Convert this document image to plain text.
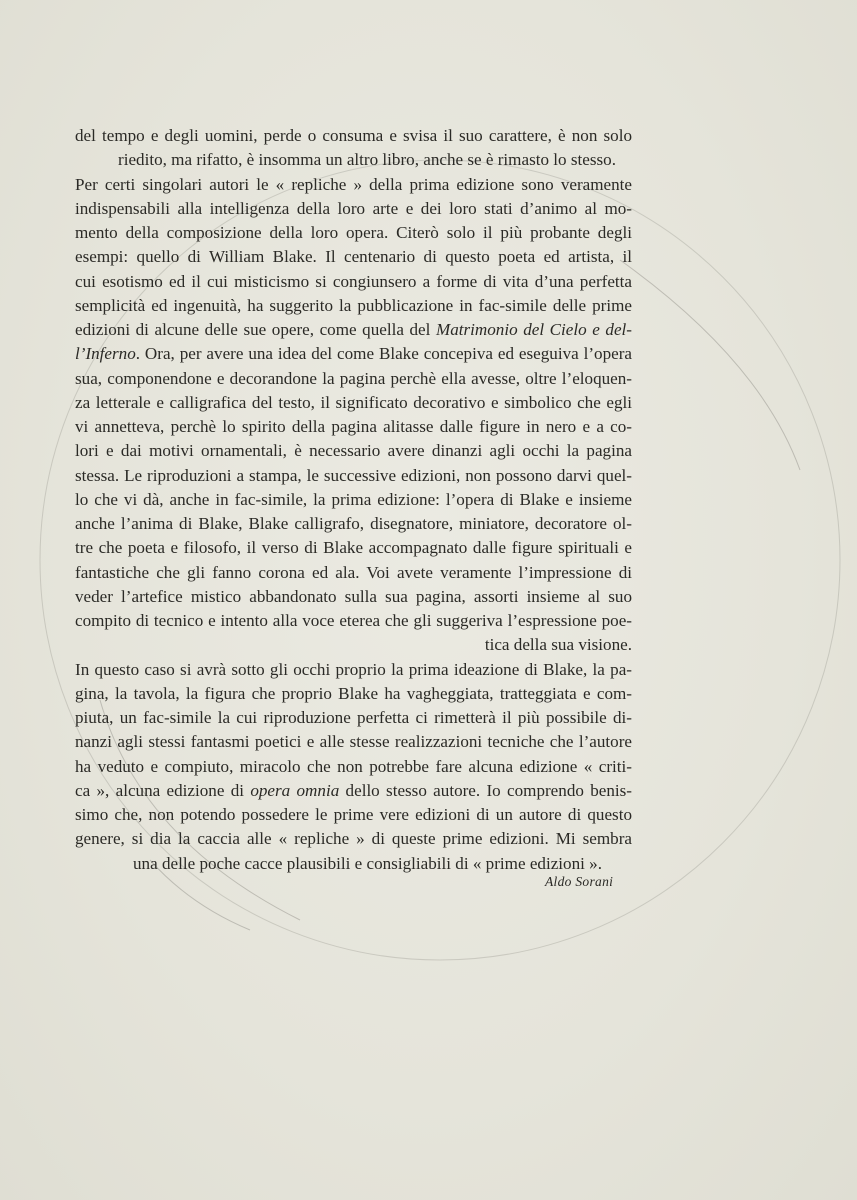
del tempo e degli uomini, perde o consuma e svisa il suo carattere, è non solo
riedito, ma rifatto, è insomma un altro libro, anche se è rimasto lo stesso.
Per certi singolari autori le « repliche » della prima edizione sono veramente
indispensabili alla intelligenza della loro arte e dei loro stati d’animo al mo-
mento della composizione della loro opera. Citerò solo il più probante degli
esempi: quello di William Blake. Il centenario di questo poeta ed artista, il
cui esotismo ed il cui misticismo si congiunsero a forme di vita d’una perfetta
semplicità ed ingenuità, ha suggerito la pubblicazione in fac-simile delle prime
edizioni di alcune delle sue opere, come quella del Matrimonio del Cielo e del-
l’Inferno. Ora, per avere una idea del come Blake concepiva ed eseguiva l’opera
sua, componendone e decorandone la pagina perchè ella avesse, oltre l’eloquen-
za letterale e calligrafica del testo, il significato decorativo e simbolico che egli
vi annetteva, perchè lo spirito della pagina alitasse dalle figure in nero e a co-
lori e dai motivi ornamentali, è necessario avere dinanzi agli occhi la pagina
stessa. Le riproduzioni a stampa, le successive edizioni, non possono darvi quel-
lo che vi dà, anche in fac-simile, la prima edizione: l’opera di Blake e insieme
anche l’anima di Blake, Blake calligrafo, disegnatore, miniatore, decoratore ol-
tre che poeta e filosofo, il verso di Blake accompagnato dalle figure spirituali e
fantastiche che gli fanno corona ed ala. Voi avete veramente l’impressione di
veder l’artefice mistico abbandonato sulla sua pagina, assorti insieme al suo
compito di tecnico e intento alla voce eterea che gli suggeriva l’espressione poe-
tica della sua visione.
In questo caso si avrà sotto gli occhi proprio la prima ideazione di Blake, la pa-
gina, la tavola, la figura che proprio Blake ha vagheggiata, tratteggiata e com-
piuta, un fac-simile la cui riproduzione perfetta ci rimetterà il più possibile di-
nanzi agli stessi fantasmi poetici e alle stesse realizzazioni tecniche che l’autore
ha veduto e compiuto, miracolo che non potrebbe fare alcuna edizione « criti-
ca », alcuna edizione di opera omnia dello stesso autore. Io comprendo benis-
simo che, non potendo possedere le prime vere edizioni di un autore di questo
genere, si dia la caccia alle « repliche » di queste prime edizioni. Mi sembra
una delle poche cacce plausibili e consigliabili di « prime edizioni ».
Aldo Sorani
